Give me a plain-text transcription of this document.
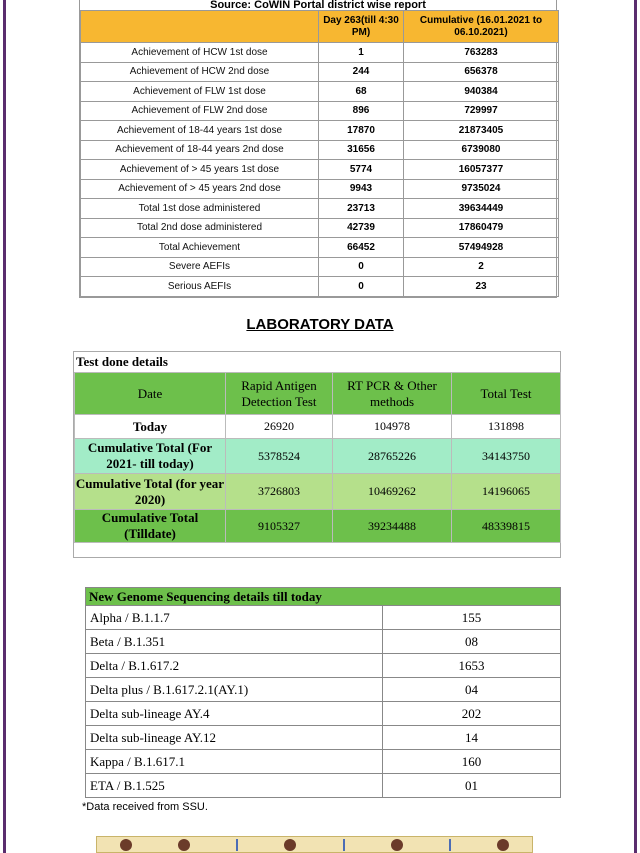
Source: CoWIN Portal district wise report
	Day 263(till 4:30 PM)	Cumulative (16.01.2021 to 06.10.2021)
Achievement of HCW 1st dose	1	763283
Achievement of HCW 2nd dose	244	656378
Achievement of FLW 1st dose	68	940384
Achievement of FLW 2nd dose	896	729997
Achievement of 18-44 years 1st dose	17870	21873405
Achievement of 18-44 years 2nd dose	31656	6739080
Achievement of > 45 years 1st dose	5774	16057377
Achievement of > 45 years 2nd dose	9943	9735024
Total 1st dose administered	23713	39634449
Total 2nd dose administered	42739	17860479
Total Achievement	66452	57494928
Severe AEFIs	0	2
Serious AEFIs	0	23
LABORATORY DATA
Test done details
Date	Rapid Antigen Detection Test	RT PCR & Other methods	Total Test
Today	26920	104978	131898
Cumulative Total (For 2021- till today)	5378524	28765226	34143750
Cumulative Total (for year 2020)	3726803	10469262	14196065
Cumulative Total (Tilldate)	9105327	39234488	48339815
New Genome Sequencing details till today	
Alpha / B.1.1.7	155
Beta / B.1.351	08
Delta / B.1.617.2	1653
Delta plus / B.1.617.2.1(AY.1)	04
Delta sub-lineage AY.4	202
Delta sub-lineage AY.12	14
Kappa / B.1.617.1	160
ETA / B.1.525	01
*Data received from SSU.
